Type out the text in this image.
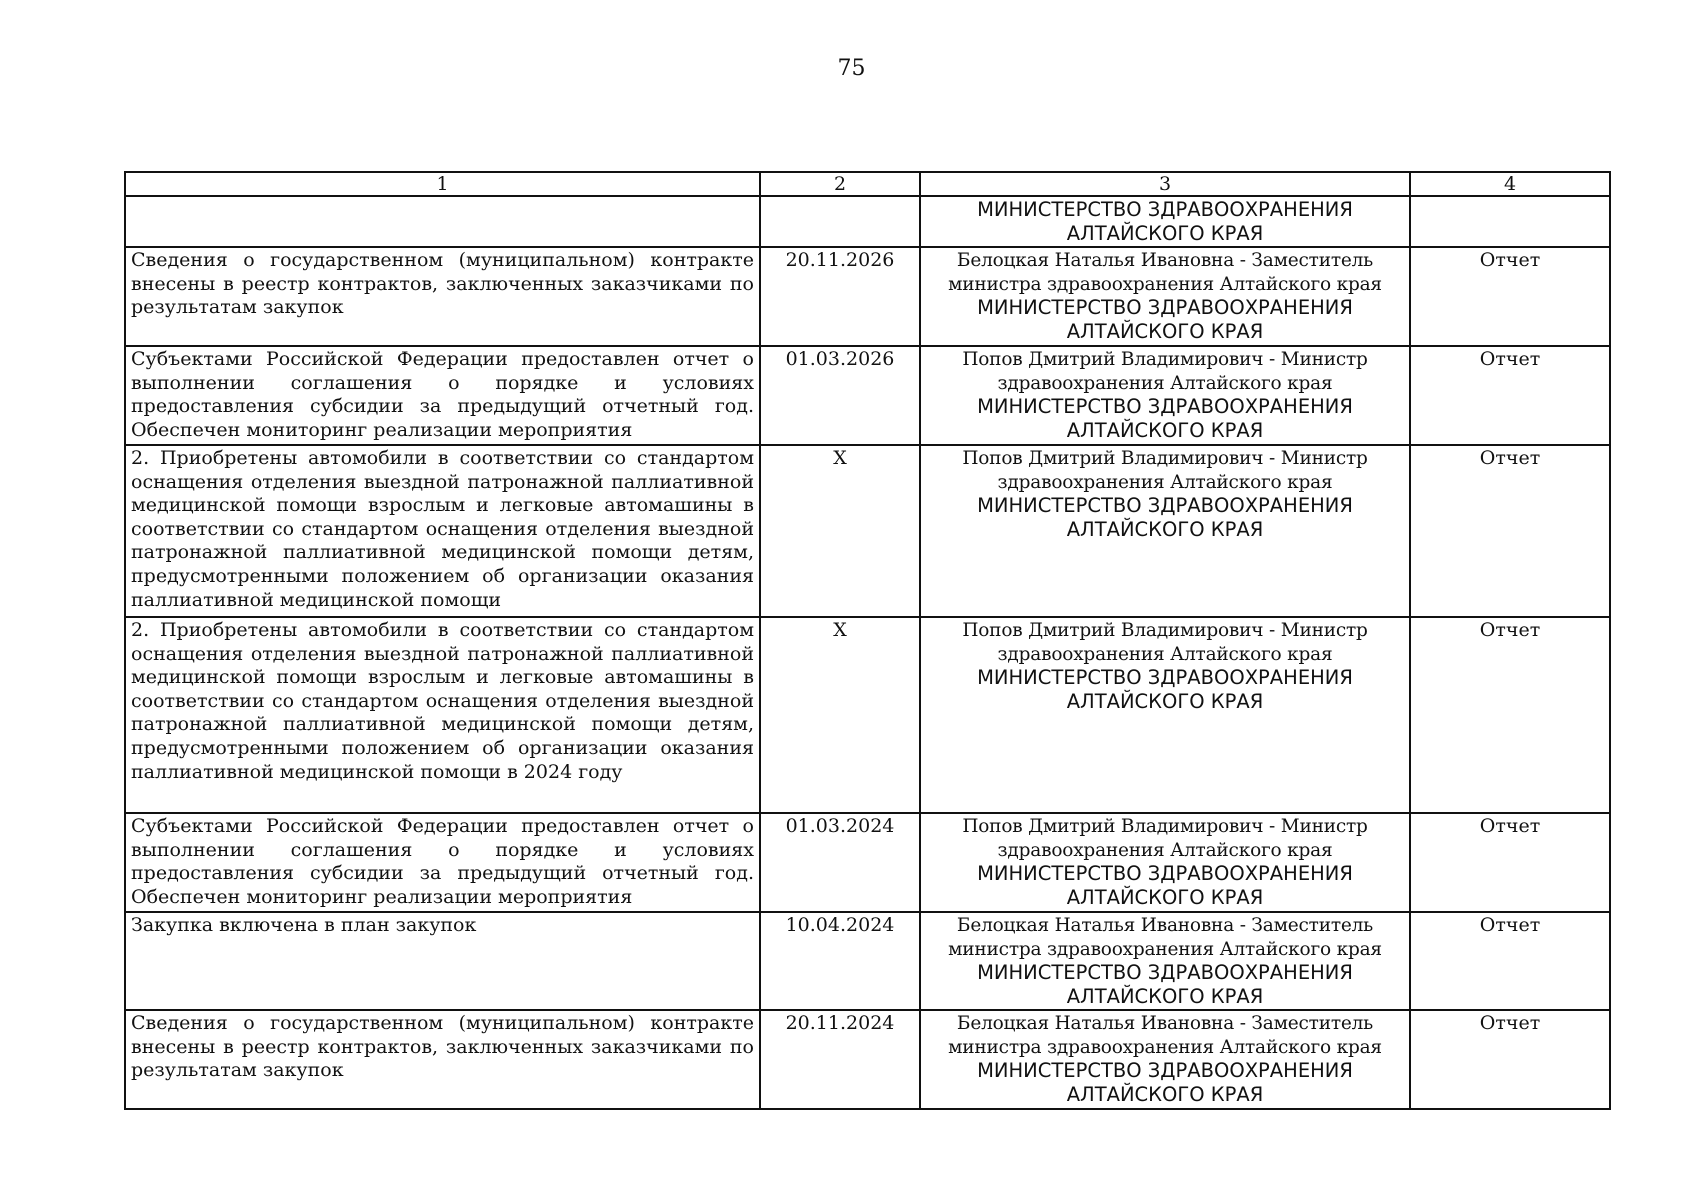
75
1	2	3	4

		МИНИСТЕРСТВО ЗДРАВООХРАНЕНИЯ АЛТАЙСКОГО КРАЯ	

Сведения о государственном (муниципальном) контракте внесены в реестр контрактов, заключенных заказчиками по результатам закупок	20.11.2026	Белоцкая Наталья Ивановна - Заместитель министра здравоохранения Алтайского края
МИНИСТЕРСТВО ЗДРАВООХРАНЕНИЯ АЛТАЙСКОГО КРАЯ	Отчет
Субъектами Российской Федерации предоставлен отчет о выполнении соглашения о порядке и условиях предоставления субсидии за предыдущий отчетный год. Обеспечен мониторинг реализации мероприятия	01.03.2026	Попов Дмитрий Владимирович - Министр здравоохранения Алтайского края
МИНИСТЕРСТВО ЗДРАВООХРАНЕНИЯ АЛТАЙСКОГО КРАЯ	Отчет
2. Приобретены автомобили в соответствии со стандартом оснащения отделения выездной патронажной паллиативной медицинской помощи взрослым и легковые автомашины в соответствии со стандартом оснащения отделения выездной патронажной паллиативной медицинской помощи детям, предусмотренными положением об организации оказания паллиативной медицинской помощи	X	Попов Дмитрий Владимирович - Министр здравоохранения Алтайского края
МИНИСТЕРСТВО ЗДРАВООХРАНЕНИЯ АЛТАЙСКОГО КРАЯ	Отчет
2. Приобретены автомобили в соответствии со стандартом оснащения отделения выездной патронажной паллиативной медицинской помощи взрослым и легковые автомашины в соответствии со стандартом оснащения отделения выездной патронажной паллиативной медицинской помощи детям, предусмотренными положением об организации оказания паллиативной медицинской помощи в 2024 году	X	Попов Дмитрий Владимирович - Министр здравоохранения Алтайского края
МИНИСТЕРСТВО ЗДРАВООХРАНЕНИЯ АЛТАЙСКОГО КРАЯ	Отчет
Субъектами Российской Федерации предоставлен отчет о выполнении соглашения о порядке и условиях предоставления субсидии за предыдущий отчетный год. Обеспечен мониторинг реализации мероприятия	01.03.2024	Попов Дмитрий Владимирович - Министр здравоохранения Алтайского края
МИНИСТЕРСТВО ЗДРАВООХРАНЕНИЯ АЛТАЙСКОГО КРАЯ	Отчет
Закупка включена в план закупок	10.04.2024	Белоцкая Наталья Ивановна - Заместитель министра здравоохранения Алтайского края
МИНИСТЕРСТВО ЗДРАВООХРАНЕНИЯ АЛТАЙСКОГО КРАЯ	Отчет
Сведения о государственном (муниципальном) контракте внесены в реестр контрактов, заключенных заказчиками по результатам закупок	20.11.2024	Белоцкая Наталья Ивановна - Заместитель министра здравоохранения Алтайского края
МИНИСТЕРСТВО ЗДРАВООХРАНЕНИЯ АЛТАЙСКОГО КРАЯ	Отчет
